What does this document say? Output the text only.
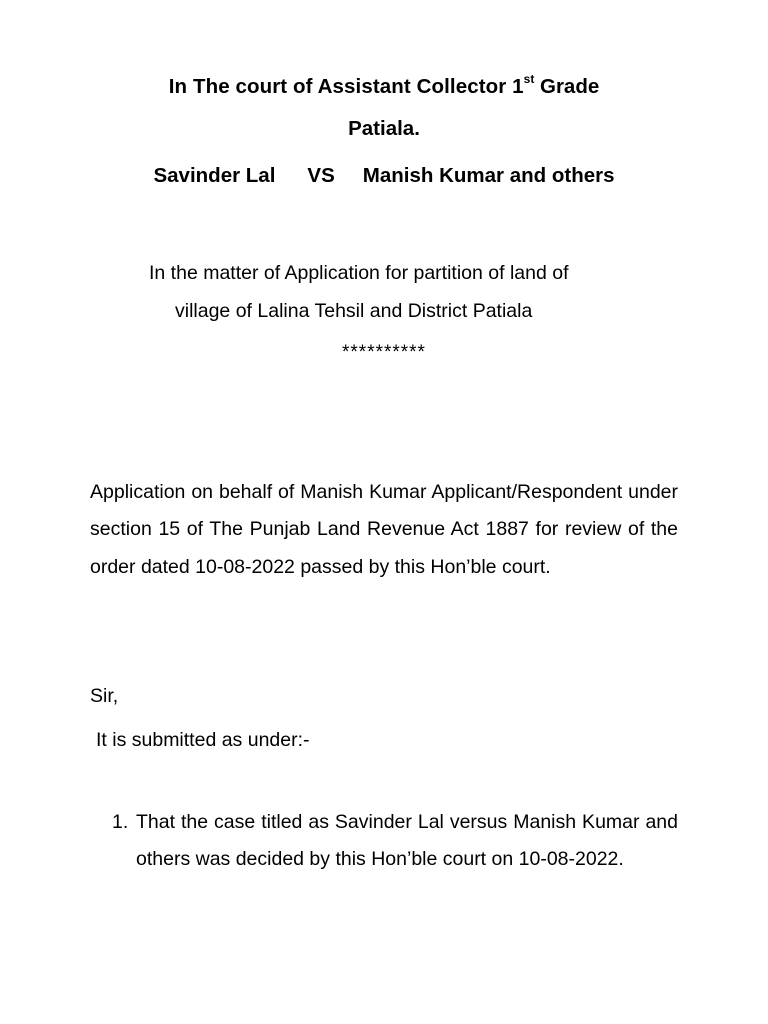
In The court of Assistant Collector 1st Grade
Patiala.
Savinder Lal VS Manish Kumar and others
In the matter of Application for partition of land of
village of Lalina Tehsil and District Patiala
**********
Application on behalf of Manish Kumar Applicant/Respondent under section 15 of The Punjab Land Revenue Act 1887 for review of the order dated 10-08-2022 passed by this Hon’ble court.
Sir,
It is submitted as under:-
1. That the case titled as Savinder Lal versus Manish Kumar and others was decided by this Hon’ble court on 10-08-2022.
